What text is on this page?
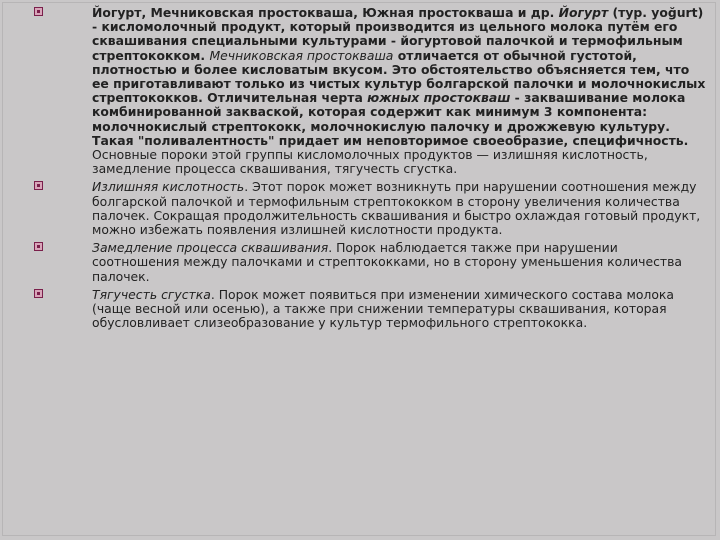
Йогурт, Мечниковская простокваша, Южная простокваша и др. Йогурт (тур. yoğurt) - кисломолочный продукт, который производится из цельного молока путём его сквашивания специальными культурами - йогуртовой палочкой и термофильным стрептококком. Мечниковская простокваша отличается от обычной густотой, плотностью и более кисловатым вкусом. Это обстоятельство объясняется тем, что ее приготавливают только из чистых культур болгарской палочки и молочнокислых стрептококков. Отличительная черта южных простокваш - заквашивание молока комбинированной закваской, которая содержит как минимум 3 компонента: молочнокислый стрептококк, молочнокислую палочку и дрожжевую культуру. Такая "поливалентность" придает им неповторимое своеобразие, специфичность. Основные пороки этой группы кисломолочных продуктов — излишняя кислотность, замедление процесса сквашивания, тягучесть сгустка.
Излишняя кислотность. Этот порок может возникнуть при нарушении соотношения между болгарской палочкой и термофильным стрептококком в сторону увеличения количества палочек. Сокращая продолжительность сквашивания и быстро охлаждая готовый продукт, можно избежать появления излишней кислотности продукта.
Замедление процесса сквашивания. Порок наблюдается также при нарушении соотношения между палочками и стрептококками, но в сторону уменьшения количества палочек.
Тягучесть сгустка. Порок может появиться при изменении химического состава молока (чаще весной или осенью), а также при снижении температуры сквашивания, которая обусловливает слизеобразование у культур термофильного стрептококка.
